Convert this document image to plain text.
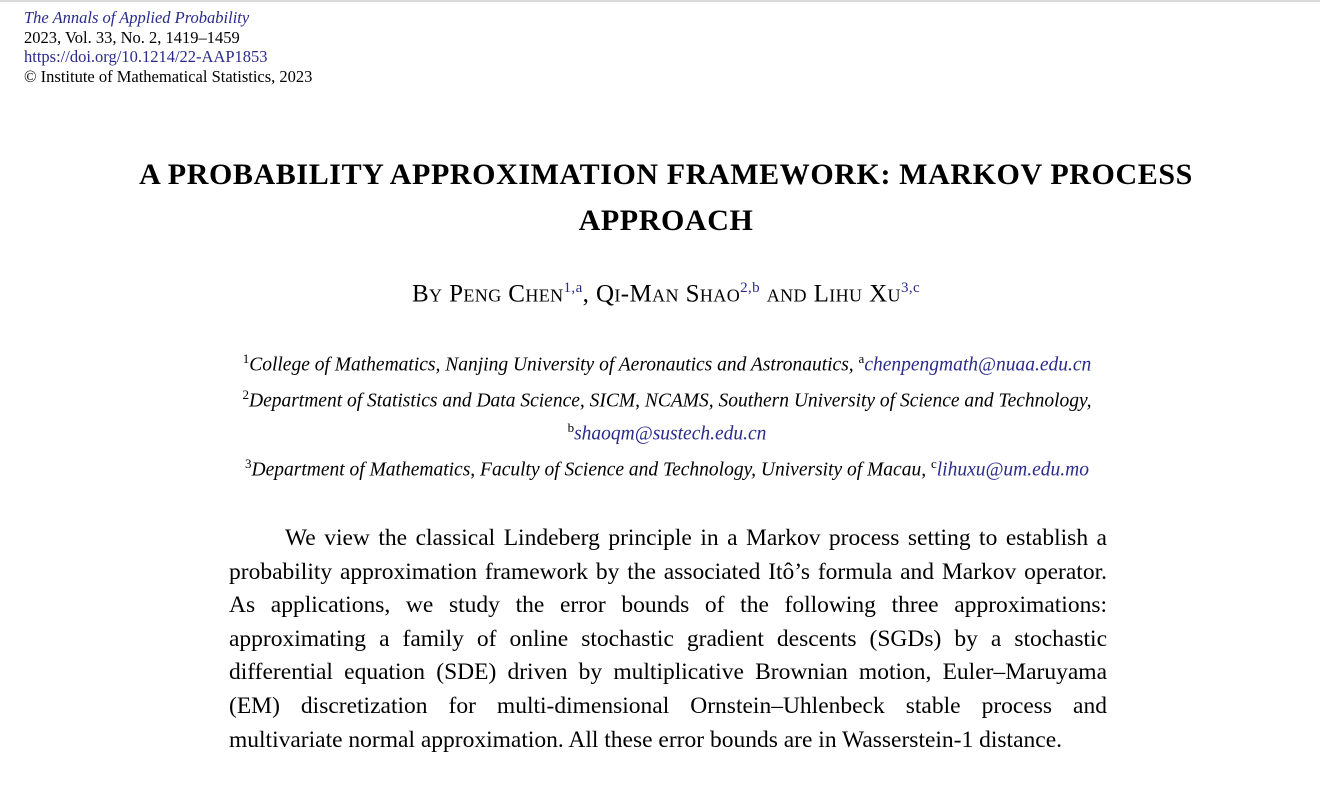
The Annals of Applied Probability
2023, Vol. 33, No. 2, 1419–1459
https://doi.org/10.1214/22-AAP1853
© Institute of Mathematical Statistics, 2023
A PROBABILITY APPROXIMATION FRAMEWORK: MARKOV PROCESS
APPROACH
By Peng Chen$^{1,a}$, Qi-Man Shao$^{2,b}$ and Lihu Xu$^{3,c}$
$^1$College of Mathematics, Nanjing University of Aeronautics and Astronautics, $^a$chenpengmath@nuaa.edu.cn
$^2$Department of Statistics and Data Science, SICM, NCAMS, Southern University of Science and Technology,
$^b$shaoqm@sustech.edu.cn
$^3$Department of Mathematics, Faculty of Science and Technology, University of Macau, $^c$lihuxu@um.edu.mo

We view the classical Lindeberg principle in a Markov process setting to establish a probability approximation framework by the associated Itô’s formula and Markov operator. As applications, we study the error bounds of the following three approximations: approximating a family of online stochastic gradient descents (SGDs) by a stochastic differential equation (SDE) driven by multiplicative Brownian motion, Euler–Maruyama (EM) discretization for multi-dimensional Ornstein–Uhlenbeck stable process and multivariate normal approximation. All these error bounds are in Wasserstein-1 distance.
